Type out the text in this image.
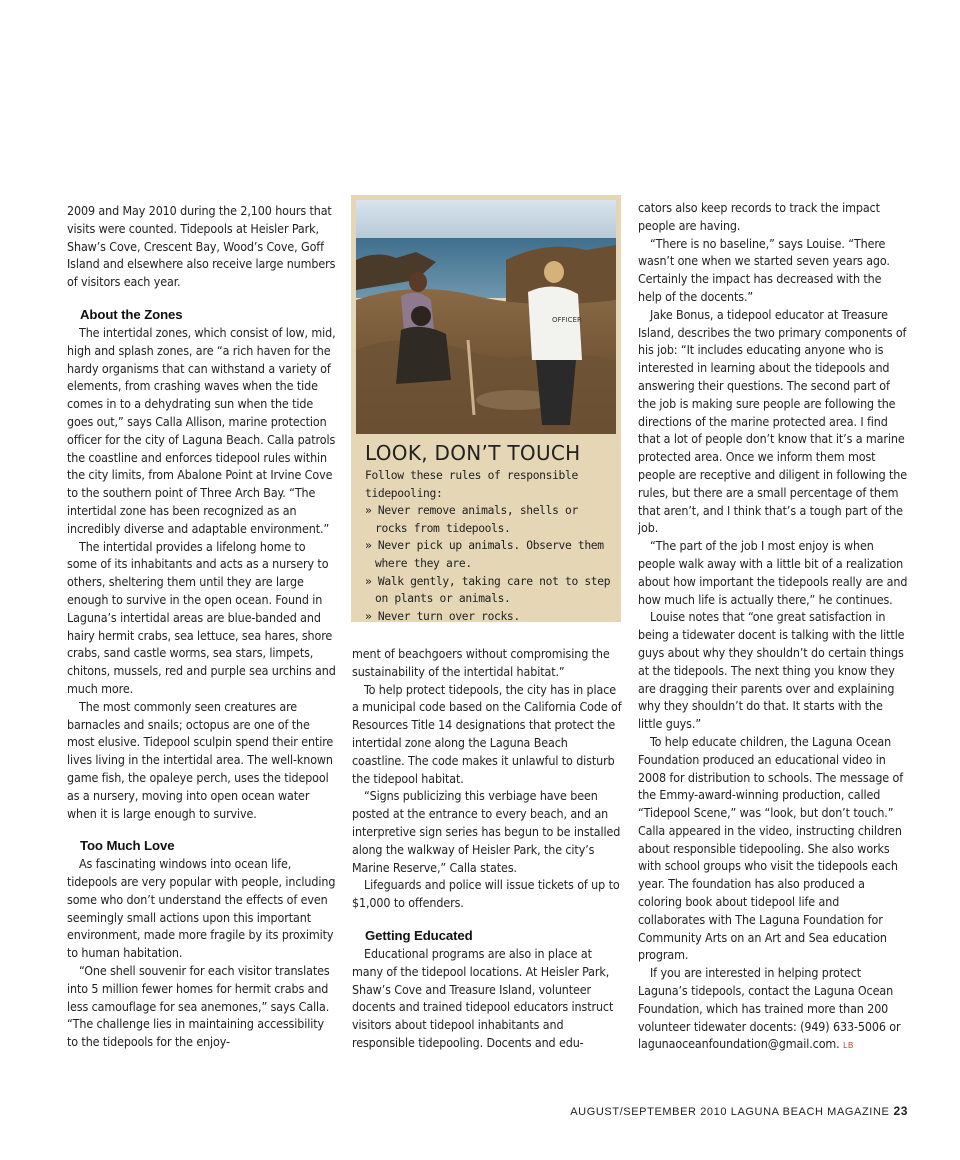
2009 and May 2010 during the 2,100 hours that visits were counted. Tidepools at Heisler Park, Shaw’s Cove, Crescent Bay, Wood’s Cove, Goff Island and elsewhere also receive large numbers of visitors each year.

About the Zones

The intertidal zones, which consist of low, mid, high and splash zones, are “a rich haven for the hardy organisms that can withstand a variety of elements, from crashing waves when the tide comes in to a dehydrating sun when the tide goes out,” says Calla Allison, marine protection officer for the city of Laguna Beach. Calla patrols the coastline and enforces tidepool rules within the city limits, from Abalone Point at Irvine Cove to the southern point of Three Arch Bay. “The intertidal zone has been recognized as an incredibly diverse and adaptable environment.”

The intertidal provides a lifelong home to some of its inhabitants and acts as a nursery to others, sheltering them until they are large enough to survive in the open ocean. Found in Laguna’s intertidal areas are blue-banded and hairy hermit crabs, sea lettuce, sea hares, shore crabs, sand castle worms, sea stars, limpets, chitons, mussels, red and purple sea urchins and much more.

The most commonly seen creatures are barnacles and snails; octopus are one of the most elusive. Tidepool sculpin spend their entire lives living in the intertidal area. The well-known game fish, the opaleye perch, uses the tidepool as a nursery, moving into open ocean water when it is large enough to survive.

Too Much Love

As fascinating windows into ocean life, tidepools are very popular with people, including some who don’t understand the effects of even seemingly small actions upon this important environment, made more fragile by its proximity to human habitation.

“One shell souvenir for each visitor translates into 5 million fewer homes for hermit crabs and less camouflage for sea anemones,” says Calla. “The challenge lies in maintaining accessibility to the tidepools for the enjoy-

OFFICER
LOOK, DON’T TOUCH

Follow these rules of responsible tidepooling:

» Never remove animals, shells or rocks from tidepools.
» Never pick up animals. Observe them where they are.
» Walk gently, taking care not to step on plants or animals.
» Never turn over rocks.

ment of beachgoers without compromising the sustainability of the intertidal habitat.”

To help protect tidepools, the city has in place a municipal code based on the California Code of Resources Title 14 designations that protect the intertidal zone along the Laguna Beach coastline. The code makes it unlawful to disturb the tidepool habitat.

“Signs publicizing this verbiage have been posted at the entrance to every beach, and an interpretive sign series has begun to be installed along the walkway of Heisler Park, the city’s Marine Reserve,” Calla states.

Lifeguards and police will issue tickets of up to $1,000 to offenders.

Getting Educated

Educational programs are also in place at many of the tidepool locations. At Heisler Park, Shaw’s Cove and Treasure Island, volunteer docents and trained tidepool educators instruct visitors about tidepool inhabitants and responsible tidepooling. Docents and edu-

cators also keep records to track the impact people are having.

“There is no baseline,” says Louise. “There wasn’t one when we started seven years ago. Certainly the impact has decreased with the help of the docents.”

Jake Bonus, a tidepool educator at Treasure Island, describes the two primary components of his job: “It includes educating anyone who is interested in learning about the tidepools and answering their questions. The second part of the job is making sure people are following the directions of the marine protected area. I find that a lot of people don’t know that it’s a marine protected area. Once we inform them most people are receptive and diligent in following the rules, but there are a small percentage of them that aren’t, and I think that’s a tough part of the job.

“The part of the job I most enjoy is when people walk away with a little bit of a realization about how important the tidepools really are and how much life is actually there,” he continues.

Louise notes that “one great satisfaction in being a tidewater docent is talking with the little guys about why they shouldn’t do certain things at the tidepools. The next thing you know they are dragging their parents over and explaining why they shouldn’t do that. It starts with the little guys.”

To help educate children, the Laguna Ocean Foundation produced an educational video in 2008 for distribution to schools. The message of the Emmy-award-winning production, called “Tidepool Scene,” was “look, but don’t touch.” Calla appeared in the video, instructing children about responsible tidepooling. She also works with school groups who visit the tidepools each year. The foundation has also produced a coloring book about tidepool life and collaborates with The Laguna Foundation for Community Arts on an Art and Sea education program.

If you are interested in helping protect Laguna’s tidepools, contact the Laguna Ocean Foundation, which has trained more than 200 volunteer tidewater docents: (949) 633-5006 or lagunaoceanfoundation@gmail.com. LB

AUGUST/SEPTEMBER 2010 LAGUNA BEACH MAGAZINE 23
